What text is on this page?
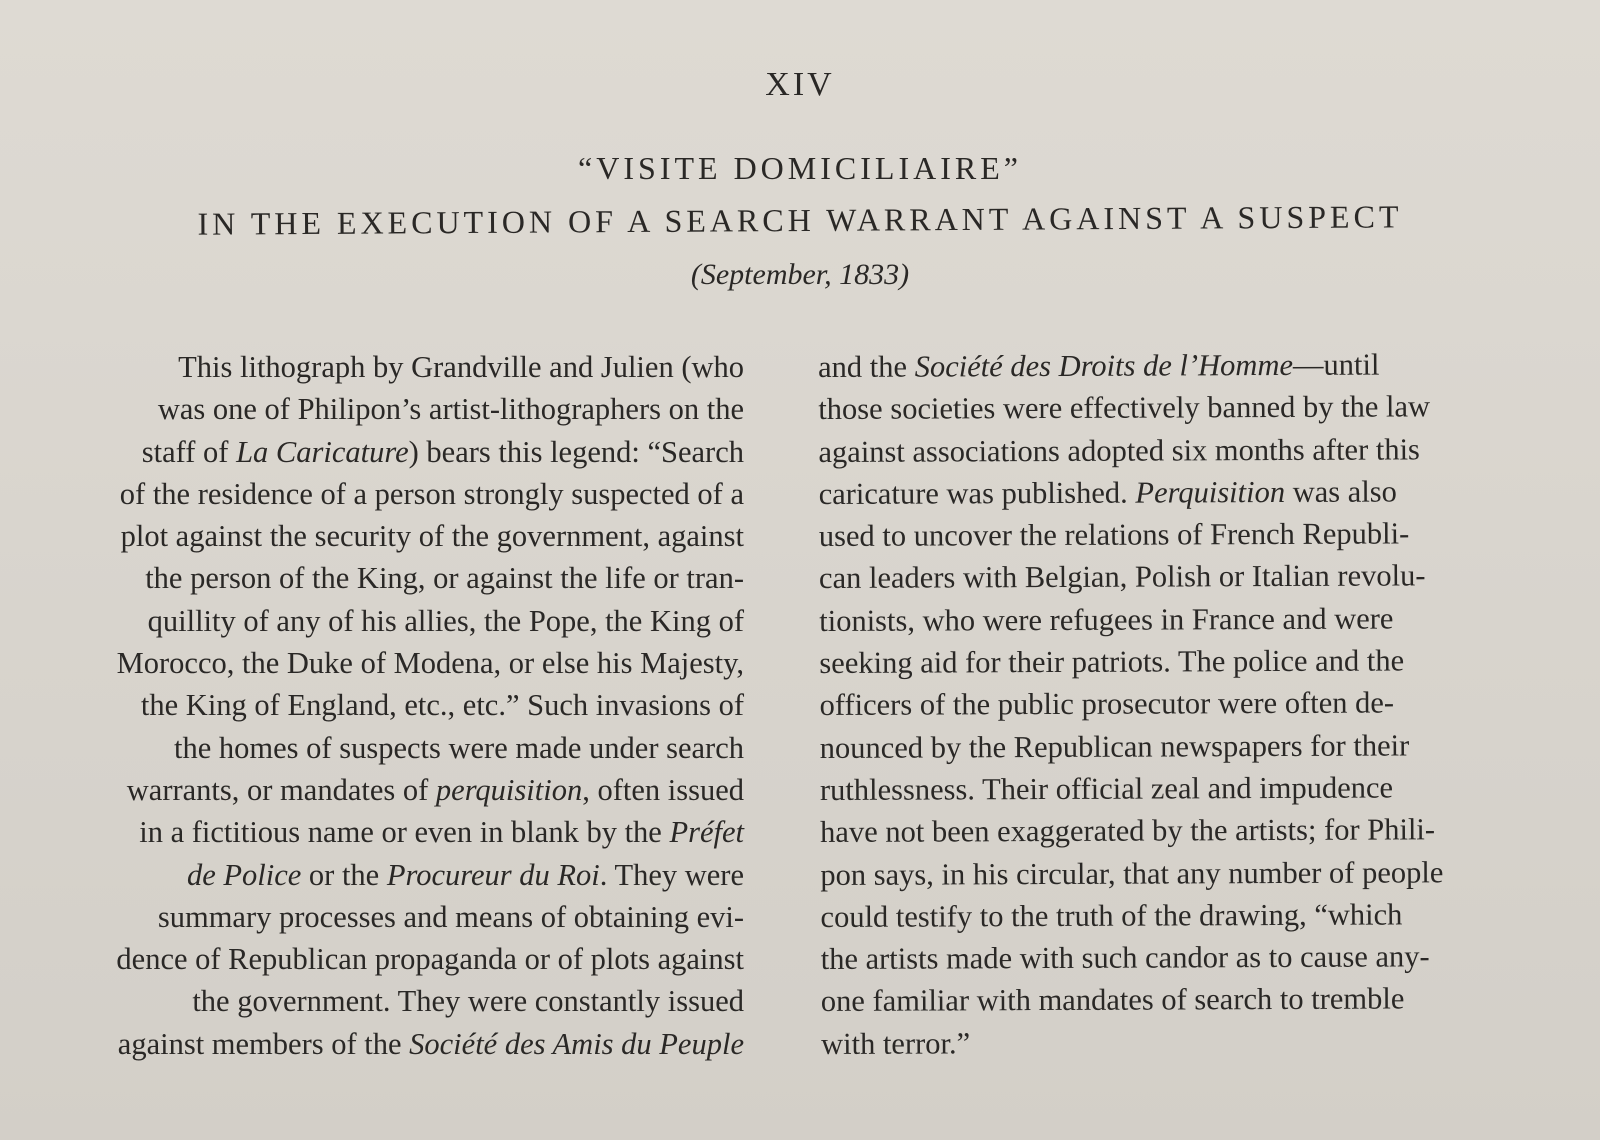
XIV
“VISITE DOMICILIAIRE”
IN THE EXECUTION OF A SEARCH WARRANT AGAINST A SUSPECT
(September, 1833)
This lithograph by Grandville and Julien (who
was one of Philipon’s artist-lithographers on the
staff of La Caricature) bears this legend: “Search
of the residence of a person strongly suspected of a
plot against the security of the government, against
the person of the King, or against the life or tran-
quillity of any of his allies, the Pope, the King of
Morocco, the Duke of Modena, or else his Majesty,
the King of England, etc., etc.” Such invasions of
the homes of suspects were made under search
warrants, or mandates of perquisition, often issued
in a fictitious name or even in blank by the Préfet
de Police or the Procureur du Roi. They were
summary processes and means of obtaining evi-
dence of Republican propaganda or of plots against
the government. They were constantly issued
against members of the Société des Amis du Peuple
and the Société des Droits de l’Homme—until
those societies were effectively banned by the law
against associations adopted six months after this
caricature was published. Perquisition was also
used to uncover the relations of French Republi-
can leaders with Belgian, Polish or Italian revolu-
tionists, who were refugees in France and were
seeking aid for their patriots. The police and the
officers of the public prosecutor were often de-
nounced by the Republican newspapers for their
ruthlessness. Their official zeal and impudence
have not been exaggerated by the artists; for Phili-
pon says, in his circular, that any number of people
could testify to the truth of the drawing, “which
the artists made with such candor as to cause any-
one familiar with mandates of search to tremble
with terror.”
